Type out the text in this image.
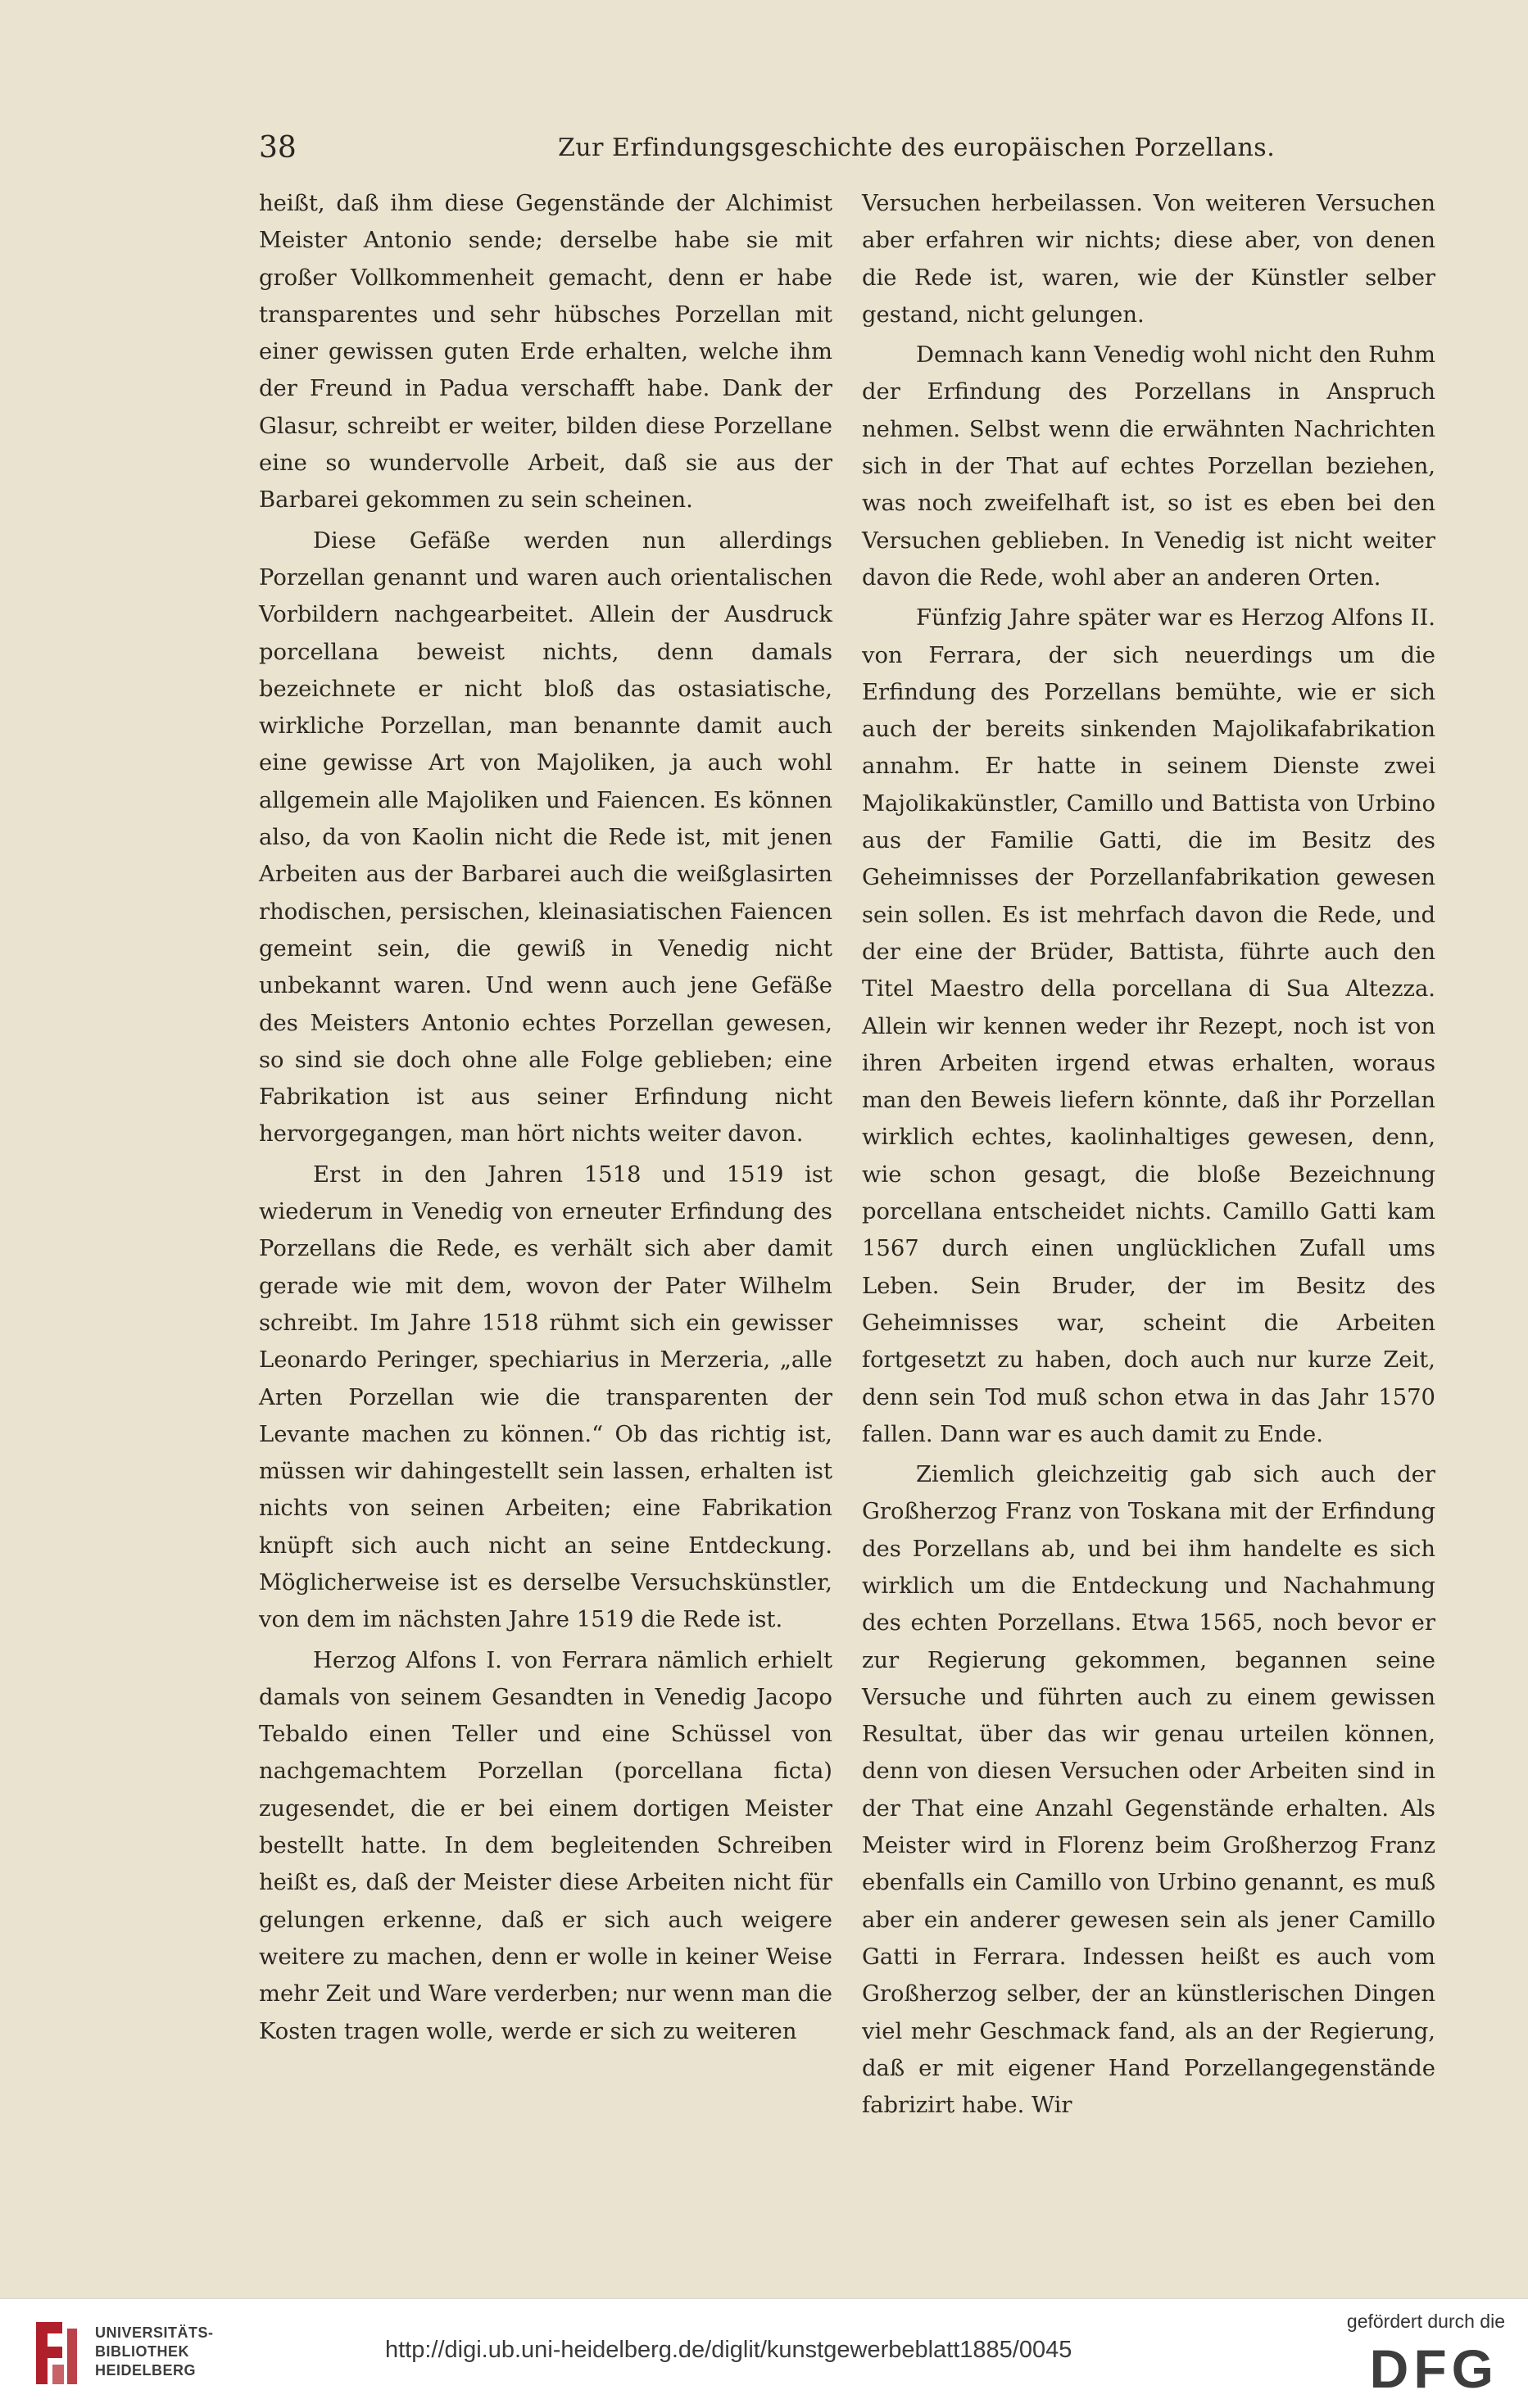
38	Zur Erfindungsgeschichte des europäischen Porzellans.

heißt, daß ihm diese Gegenstände der Alchimist Meister Antonio sende; derselbe habe sie mit großer Vollkommenheit gemacht, denn er habe transparentes und sehr hübsches Porzellan mit einer gewissen guten Erde erhalten, welche ihm der Freund in Padua verschafft habe. Dank der Glasur, schreibt er weiter, bilden diese Porzellane eine so wundervolle Arbeit, daß sie aus der Barbarei gekommen zu sein scheinen.

Diese Gefäße werden nun allerdings Porzellan genannt und waren auch orientalischen Vorbildern nachgearbeitet. Allein der Ausdruck porcellana beweist nichts, denn damals bezeichnete er nicht bloß das ostasiatische, wirkliche Porzellan, man benannte damit auch eine gewisse Art von Majoliken, ja auch wohl allgemein alle Majoliken und Faiencen. Es können also, da von Kaolin nicht die Rede ist, mit jenen Arbeiten aus der Barbarei auch die weißglasirten rhodischen, persischen, kleinasiatischen Faiencen gemeint sein, die gewiß in Venedig nicht unbekannt waren. Und wenn auch jene Gefäße des Meisters Antonio echtes Porzellan gewesen, so sind sie doch ohne alle Folge geblieben; eine Fabrikation ist aus seiner Erfindung nicht hervorgegangen, man hört nichts weiter davon.

Erst in den Jahren 1518 und 1519 ist wiederum in Venedig von erneuter Erfindung des Porzellans die Rede, es verhält sich aber damit gerade wie mit dem, wovon der Pater Wilhelm schreibt. Im Jahre 1518 rühmt sich ein gewisser Leonardo Peringer, spechiarius in Merzeria, „alle Arten Porzellan wie die transparenten der Levante machen zu können.“ Ob das richtig ist, müssen wir dahingestellt sein lassen, erhalten ist nichts von seinen Arbeiten; eine Fabrikation knüpft sich auch nicht an seine Entdeckung. Möglicherweise ist es derselbe Versuchskünstler, von dem im nächsten Jahre 1519 die Rede ist.

Herzog Alfons I. von Ferrara nämlich erhielt damals von seinem Gesandten in Venedig Jacopo Tebaldo einen Teller und eine Schüssel von nachgemachtem Porzellan (porcellana ficta) zugesendet, die er bei einem dortigen Meister bestellt hatte. In dem begleitenden Schreiben heißt es, daß der Meister diese Arbeiten nicht für gelungen erkenne, daß er sich auch weigere weitere zu machen, denn er wolle in keiner Weise mehr Zeit und Ware verderben; nur wenn man die Kosten tragen wolle, werde er sich zu weiteren

Versuchen herbeilassen. Von weiteren Versuchen aber erfahren wir nichts; diese aber, von denen die Rede ist, waren, wie der Künstler selber gestand, nicht gelungen.

Demnach kann Venedig wohl nicht den Ruhm der Erfindung des Porzellans in Anspruch nehmen. Selbst wenn die erwähnten Nachrichten sich in der That auf echtes Porzellan beziehen, was noch zweifelhaft ist, so ist es eben bei den Versuchen geblieben. In Venedig ist nicht weiter davon die Rede, wohl aber an anderen Orten.

Fünfzig Jahre später war es Herzog Alfons II. von Ferrara, der sich neuerdings um die Erfindung des Porzellans bemühte, wie er sich auch der bereits sinkenden Majolikafabrikation annahm. Er hatte in seinem Dienste zwei Majolikakünstler, Camillo und Battista von Urbino aus der Familie Gatti, die im Besitz des Geheimnisses der Porzellanfabrikation gewesen sein sollen. Es ist mehrfach davon die Rede, und der eine der Brüder, Battista, führte auch den Titel Maestro della porcellana di Sua Altezza. Allein wir kennen weder ihr Rezept, noch ist von ihren Arbeiten irgend etwas erhalten, woraus man den Beweis liefern könnte, daß ihr Porzellan wirklich echtes, kaolinhaltiges gewesen, denn, wie schon gesagt, die bloße Bezeichnung porcellana entscheidet nichts. Camillo Gatti kam 1567 durch einen unglücklichen Zufall ums Leben. Sein Bruder, der im Besitz des Geheimnisses war, scheint die Arbeiten fortgesetzt zu haben, doch auch nur kurze Zeit, denn sein Tod muß schon etwa in das Jahr 1570 fallen. Dann war es auch damit zu Ende.

Ziemlich gleichzeitig gab sich auch der Großherzog Franz von Toskana mit der Erfindung des Porzellans ab, und bei ihm handelte es sich wirklich um die Entdeckung und Nachahmung des echten Porzellans. Etwa 1565, noch bevor er zur Regierung gekommen, begannen seine Versuche und führten auch zu einem gewissen Resultat, über das wir genau urteilen können, denn von diesen Versuchen oder Arbeiten sind in der That eine Anzahl Gegenstände erhalten. Als Meister wird in Florenz beim Großherzog Franz ebenfalls ein Camillo von Urbino genannt, es muß aber ein anderer gewesen sein als jener Camillo Gatti in Ferrara. Indessen heißt es auch vom Großherzog selber, der an künstlerischen Dingen viel mehr Geschmack fand, als an der Regierung, daß er mit eigener Hand Porzellangegenstände fabrizirt habe. Wir

UNIVERSITÄTS-
BIBLIOTHEK
HEIDELBERG
http://digi.ub.uni-heidelberg.de/diglit/kunstgewerbeblatt1885/0045
gefördert durch die
DFG
